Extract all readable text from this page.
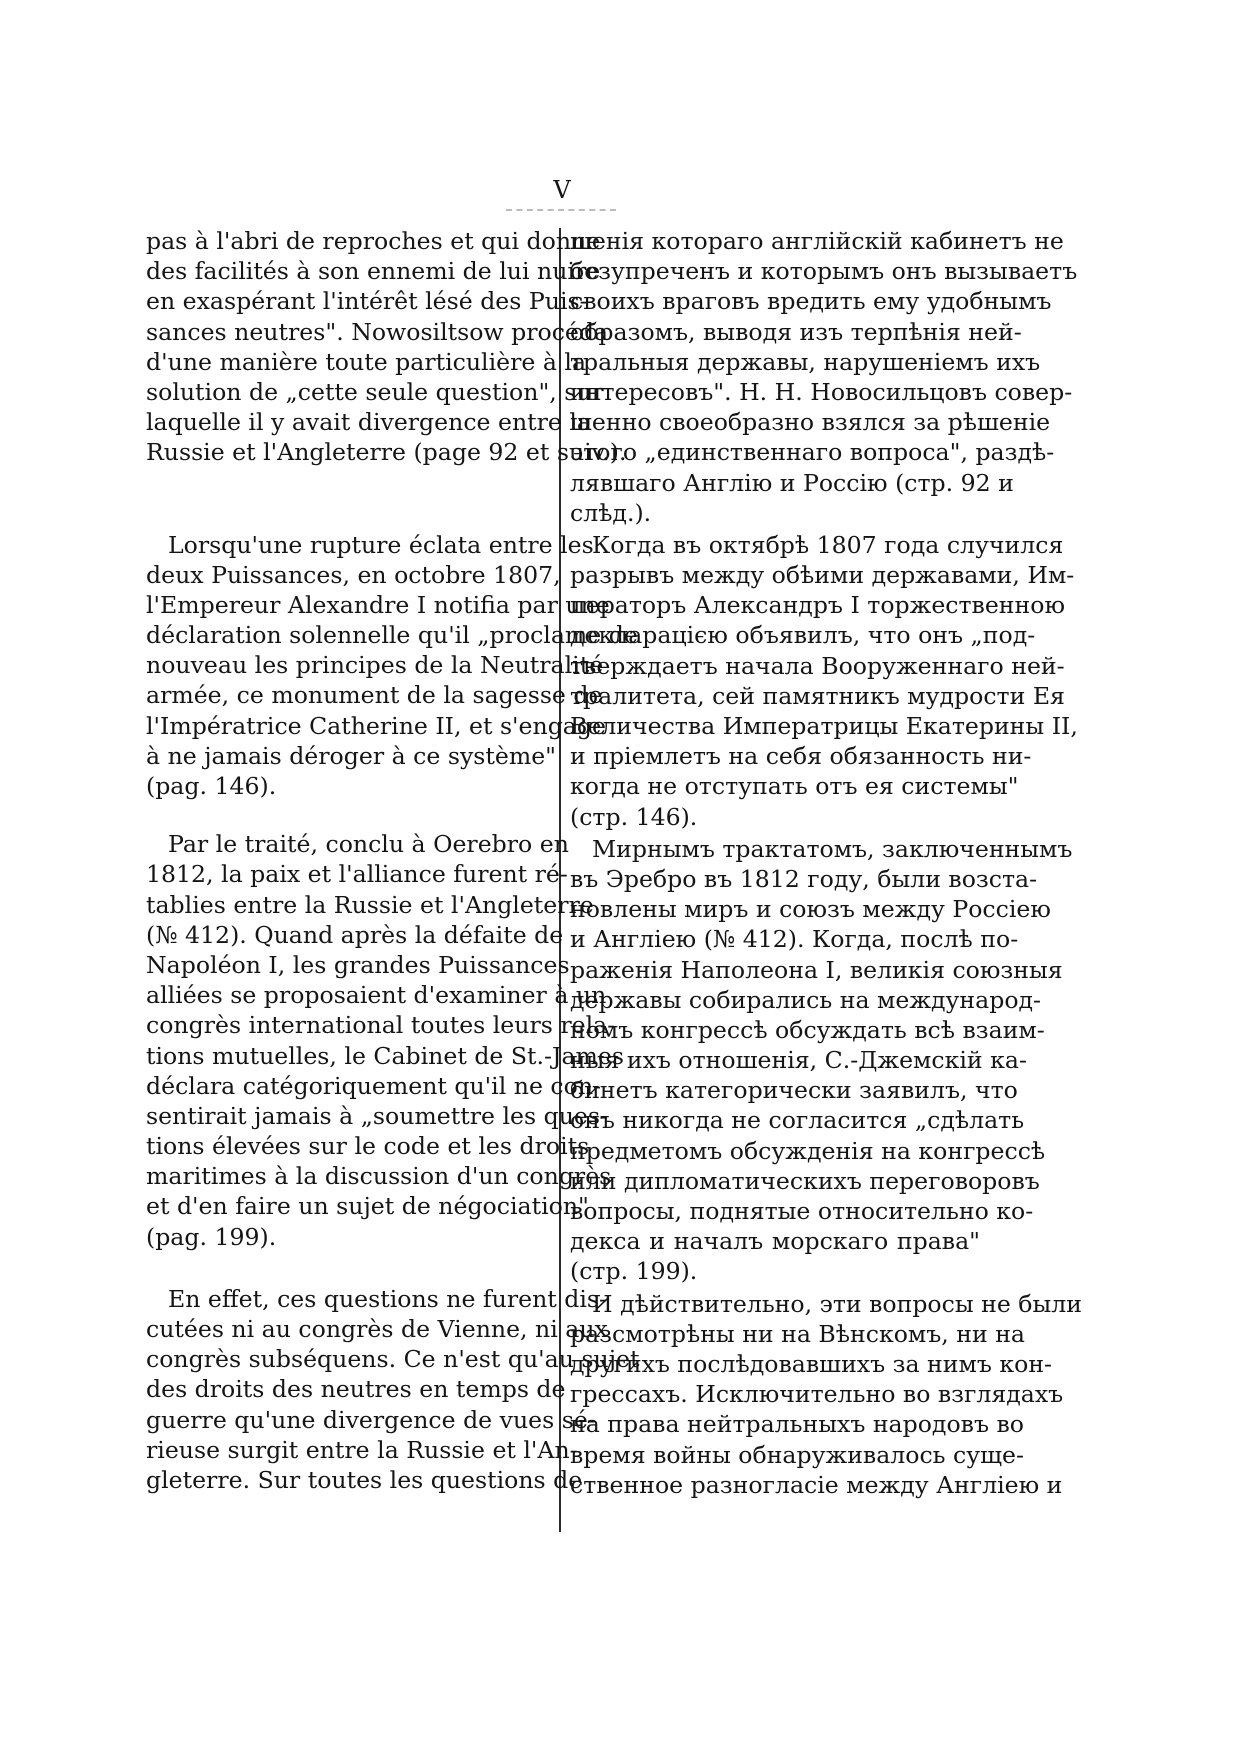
V
pas à l'abri de reproches et qui donne
des facilités à son ennemi de lui nuire
en exaspérant l'intérêt lésé des Puis-
sances neutres". Nowosiltsow procéda
d'une manière toute particulière à la
solution de „cette seule question", sur
laquelle il y avait divergence entre la
Russie et l'Angleterre (page 92 et suiv.).
Lorsqu'une rupture éclata entre les
deux Puissances, en octobre 1807,
l'Empereur Alexandre I notifia par une
déclaration solennelle qu'il „proclame de
nouveau les principes de la Neutralité
armée, ce monument de la sagesse de
l'Impératrice Catherine II, et s'engage
à ne jamais déroger à ce système"
(pag. 146).
Par le traité, conclu à Oerebro en
1812, la paix et l'alliance furent ré-
tablies entre la Russie et l'Angleterre
(№ 412). Quand après la défaite de
Napoléon I, les grandes Puissances
alliées se proposaient d'examiner à un
congrès international toutes leurs rela-
tions mutuelles, le Cabinet de St.-James
déclara catégoriquement qu'il ne con-
sentirait jamais à „soumettre les ques-
tions élevées sur le code et les droits
maritimes à la discussion d'un congrès
et d'en faire un sujet de négociation"
(pag. 199).
En effet, ces questions ne furent dis-
cutées ni au congrès de Vienne, ni aux
congrès subséquens. Ce n'est qu'au sujet
des droits des neutres en temps de
guerre qu'une divergence de vues sé-
rieuse surgit entre la Russie et l'An-
gleterre. Sur toutes les questions de
шенія котораго англійскій кабинетъ не
безупреченъ и которымъ онъ вызываетъ
своихъ враговъ вредить ему удобнымъ
образомъ, выводя изъ терпѣнія ней-
тральныя державы, нарушеніемъ ихъ
интересовъ". Н. Н. Новосильцовъ совер-
шенно своеобразно взялся за рѣшеніе
этого „единственнаго вопроса", раздѣ-
лявшаго Англію и Россію (стр. 92 и
слѣд.).
Когда въ октябрѣ 1807 года случился
разрывъ между обѣими державами, Им-
ператоръ Александръ I торжественною
декларацією объявилъ, что онъ „под-
тверждаетъ начала Вооруженнаго ней-
тралитета, сей памятникъ мудрости Ея
Величества Императрицы Екатерины II,
и пріемлетъ на себя обязанность ни-
когда не отступать отъ ея системы"
(стр. 146).
Мирнымъ трактатомъ, заключеннымъ
въ Эребро въ 1812 году, были возста-
новлены миръ и союзъ между Россіею
и Англіею (№ 412). Когда, послѣ по-
раженія Наполеона I, великія союзныя
державы собирались на международ-
номъ конгрессѣ обсуждать всѣ взаим-
ныя ихъ отношенія, С.-Джемскій ка-
бинетъ категорически заявилъ, что
онъ никогда не согласится „сдѣлать
предметомъ обсужденія на конгрессѣ
или дипломатическихъ переговоровъ
вопросы, поднятые относительно ко-
декса и началъ морскаго права"
(стр. 199).
И дѣйствительно, эти вопросы не были
разсмотрѣны ни на Вѣнскомъ, ни на
другихъ послѣдовавшихъ за нимъ кон-
грессахъ. Исключительно во взглядахъ
на права нейтральныхъ народовъ во
время войны обнаруживалось суще-
ственное разногласіе между Англіею и
